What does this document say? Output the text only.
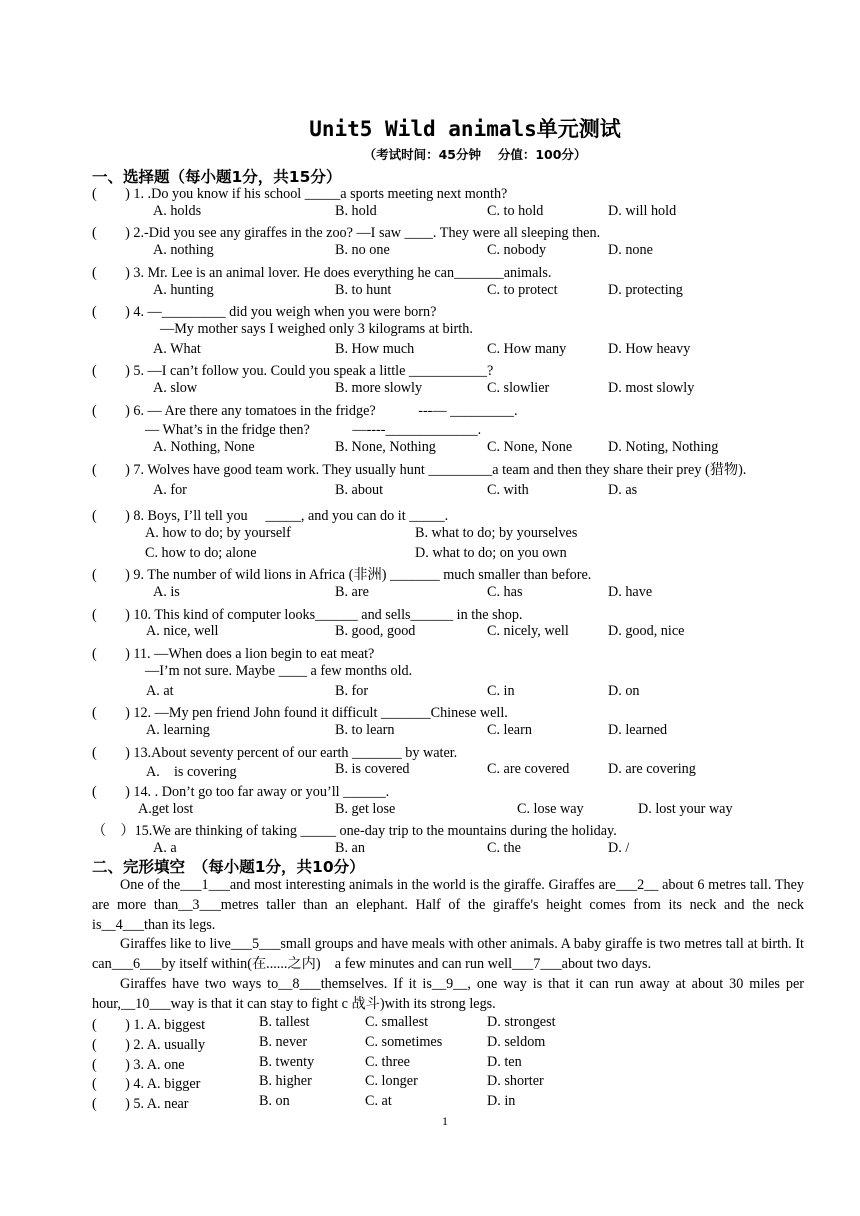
Unit5 Wild animals单元测试
（考试时间：45分钟　 分值：100分）
一、选择题（每小题1分，共15分）
(　　) 1. .Do you know if his school _____a sports meeting next month?
A. holds	B. hold	C. to hold	D. will hold
(　　) 2.-Did you see any giraffes in the zoo? —I saw ____. They were all sleeping then.
A. nothing	B. no one	C. nobody	D. none
(　　) 3. Mr. Lee is an animal lover. He does everything he can_______animals.
A. hunting	B. to hunt	C. to protect	D. protecting
(　　) 4. —_________ did you weigh when you were born?
—My mother says I weighed only 3 kilograms at birth.
A. What	B. How much	C. How many	D. How heavy
(　　) 5. —I can’t follow you. Could you speak a little ___________?
A. slow	B. more slowly	C. slowlier	D. most slowly
(　　) 6. — Are there any tomatoes in the fridge?　　　---— _________.
— What’s in the fridge then?　　　—----_____________.
A. Nothing, None	B. None, Nothing	C. None, None	D. Noting, Nothing
(　　) 7. Wolves have good team work. They usually hunt _________a team and then they share their prey (猎物).
A. for	B. about	C. with	D. as
(　　) 8. Boys, I’ll tell you　 _____, and you can do it _____.
A. how to do; by yourself	B. what to do; by yourselves
C. how to do; alone	D. what to do; on you own
(　　) 9. The number of wild lions in Africa (非洲) _______ much smaller than before.
A. is	B. are	C. has	D. have
(　　) 10. This kind of computer looks______ and sells______ in the shop.
A. nice, well	B. good, good	C. nicely, well	D. good, nice
(　　) 11. —When does a lion begin to eat meat?
—I’m not sure. Maybe ____ a few months old.
A. at	B. for	C. in	D. on
(　　) 12. —My pen friend John found it difficult _______Chinese well.
A. learning	B. to learn	C. learn	D. learned
(　　) 13.About seventy percent of our earth _______ by water.
A.　is covering	B. is covered	C. are covered	D. are covering
(　　) 14. . Don’t go too far away or you’ll ______.
A.get lost	B. get lose	C. lose way	D. lost your way
（　）15.We are thinking of taking _____ one-day trip to the mountains during the holiday.
A. a	B. an	C. the	D. /
二、完形填空　（每小题1分，共10分）
One of the___1___and most interesting animals in the world is the giraffe. Giraffes are___2__ about 6 metres tall. They are more than__3___metres taller than an elephant. Half of the giraffe's height comes from its neck and the neck is__4___than its legs.
Giraffes like to live___5___small groups and have meals with other animals. A baby giraffe is two metres tall at birth. It can___6___by itself within(在......之内)　a few minutes and can run well___7___about two days.
Giraffes have two ways to__8___themselves. If it is__9__, one way is that it can run away at about 30 miles per hour,__10___way is that it can stay to fight c 战斗)with its strong legs.
(　　) 1. A. biggest	B. tallest	C. smallest	D. strongest
(　　) 2. A. usually	B. never	C. sometimes	D. seldom
(　　) 3. A. one	B. twenty	C. three	D. ten
(　　) 4. A. bigger	B. higher	C. longer	D. shorter
(　　) 5. A. near	B. on	C. at	D. in
1
